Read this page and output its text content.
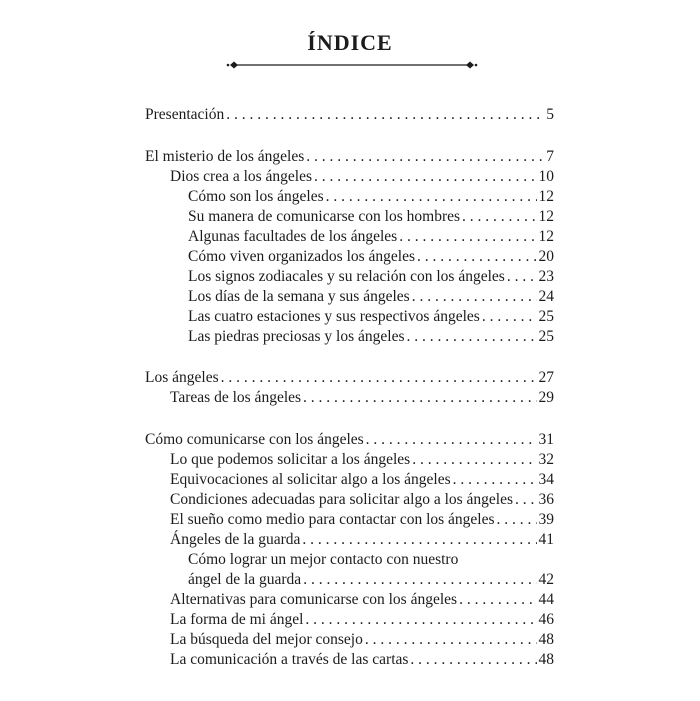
ÍNDICE
Presentación . . .	5
El misterio de los ángeles . . .	7
Dios crea a los ángeles . . .	10
Cómo son los ángeles . . .	12
Su manera de comunicarse con los hombres . . .	12
Algunas facultades de los ángeles . . .	12
Cómo viven organizados los ángeles . . .	20
Los signos zodiacales y su relación con los ángeles . . . 23
Los días de la semana y sus ángeles . . .	24
Las cuatro estaciones y sus respectivos ángeles . . .	25
Las piedras preciosas y los ángeles . . .	25
Los ángeles . . .	27
Tareas de los ángeles . . .	29
Cómo comunicarse con los ángeles . . .	31
Lo que podemos solicitar a los ángeles . . .	32
Equivocaciones al solicitar algo a los ángeles . . .	34
Condiciones adecuadas para solicitar algo a los ángeles . . . 36
El sueño como medio para contactar con los ángeles . . .	39
Ángeles de la guarda . . .	41
Cómo lograr un mejor contacto con nuestro
ángel de la guarda . . .	42
Alternativas para comunicarse con los ángeles . . .	44
La forma de mi ángel . . .	46
La búsqueda del mejor consejo . . .	48
La comunicación a través de las cartas . . .	48
